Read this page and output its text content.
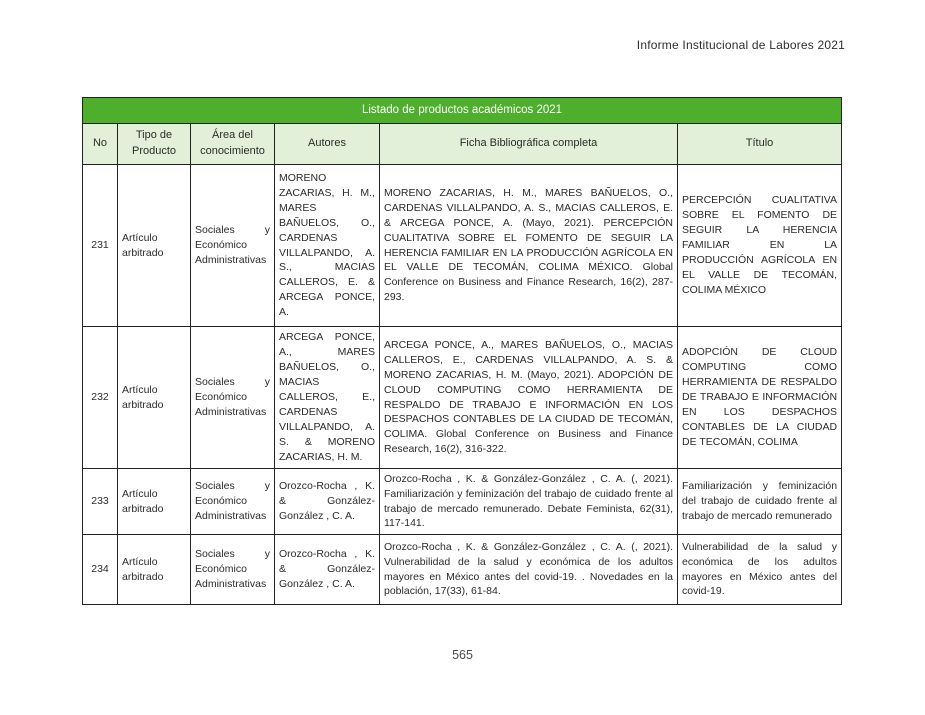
Informe Institucional de Labores 2021
Listado de productos académicos 2021					
No	Tipo de Producto	Área del conocimiento	Autores	Ficha Bibliográfica completa	Título
231	Artículo arbitrado	Sociales y Económico Administrativas	MORENO ZACARIAS, H. M., MARES BAÑUELOS, O., CARDENAS VILLALPANDO, A. S., MACIAS CALLEROS, E. & ARCEGA PONCE, A.	MORENO ZACARIAS, H. M., MARES BAÑUELOS, O., CARDENAS VILLALPANDO, A. S., MACIAS CALLEROS, E. & ARCEGA PONCE, A. (Mayo, 2021). PERCEPCIÓN CUALITATIVA SOBRE EL FOMENTO DE SEGUIR LA HERENCIA FAMILIAR EN LA PRODUCCIÓN AGRÍCOLA EN EL VALLE DE TECOMÁN, COLIMA MÉXICO. Global Conference on Business and Finance Research, 16(2), 287-293.	PERCEPCIÓN CUALITATIVA SOBRE EL FOMENTO DE SEGUIR LA HERENCIA FAMILIAR EN LA PRODUCCIÓN AGRÍCOLA EN EL VALLE DE TECOMÁN, COLIMA MÉXICO
232	Artículo arbitrado	Sociales y Económico Administrativas	ARCEGA PONCE, A., MARES BAÑUELOS, O., MACIAS CALLEROS, E., CARDENAS VILLALPANDO, A. S. & MORENO ZACARIAS, H. M.	ARCEGA PONCE, A., MARES BAÑUELOS, O., MACIAS CALLEROS, E., CARDENAS VILLALPANDO, A. S. & MORENO ZACARIAS, H. M. (Mayo, 2021). ADOPCIÓN DE CLOUD COMPUTING COMO HERRAMIENTA DE RESPALDO DE TRABAJO E INFORMACIÓN EN LOS DESPACHOS CONTABLES DE LA CIUDAD DE TECOMÁN, COLIMA. Global Conference on Business and Finance Research, 16(2), 316-322.	ADOPCIÓN DE CLOUD COMPUTING COMO HERRAMIENTA DE RESPALDO DE TRABAJO E INFORMACIÓN EN LOS DESPACHOS CONTABLES DE LA CIUDAD DE TECOMÁN, COLIMA
233	Artículo arbitrado	Sociales y Económico Administrativas	Orozco-Rocha , K. & González-González , C. A.	Orozco-Rocha , K. & González-González , C. A. (, 2021). Familiarización y feminización del trabajo de cuidado frente al trabajo de mercado remunerado. Debate Feminista, 62(31), 117-141.	Familiarización y feminización del trabajo de cuidado frente al trabajo de mercado remunerado
234	Artículo arbitrado	Sociales y Económico Administrativas	Orozco-Rocha , K. & González-González , C. A.	Orozco-Rocha , K. & González-González , C. A. (, 2021). Vulnerabilidad de la salud y económica de los adultos mayores en México antes del covid-19. . Novedades en la población, 17(33), 61-84.	Vulnerabilidad de la salud y económica de los adultos mayores en México antes del covid-19.
565
